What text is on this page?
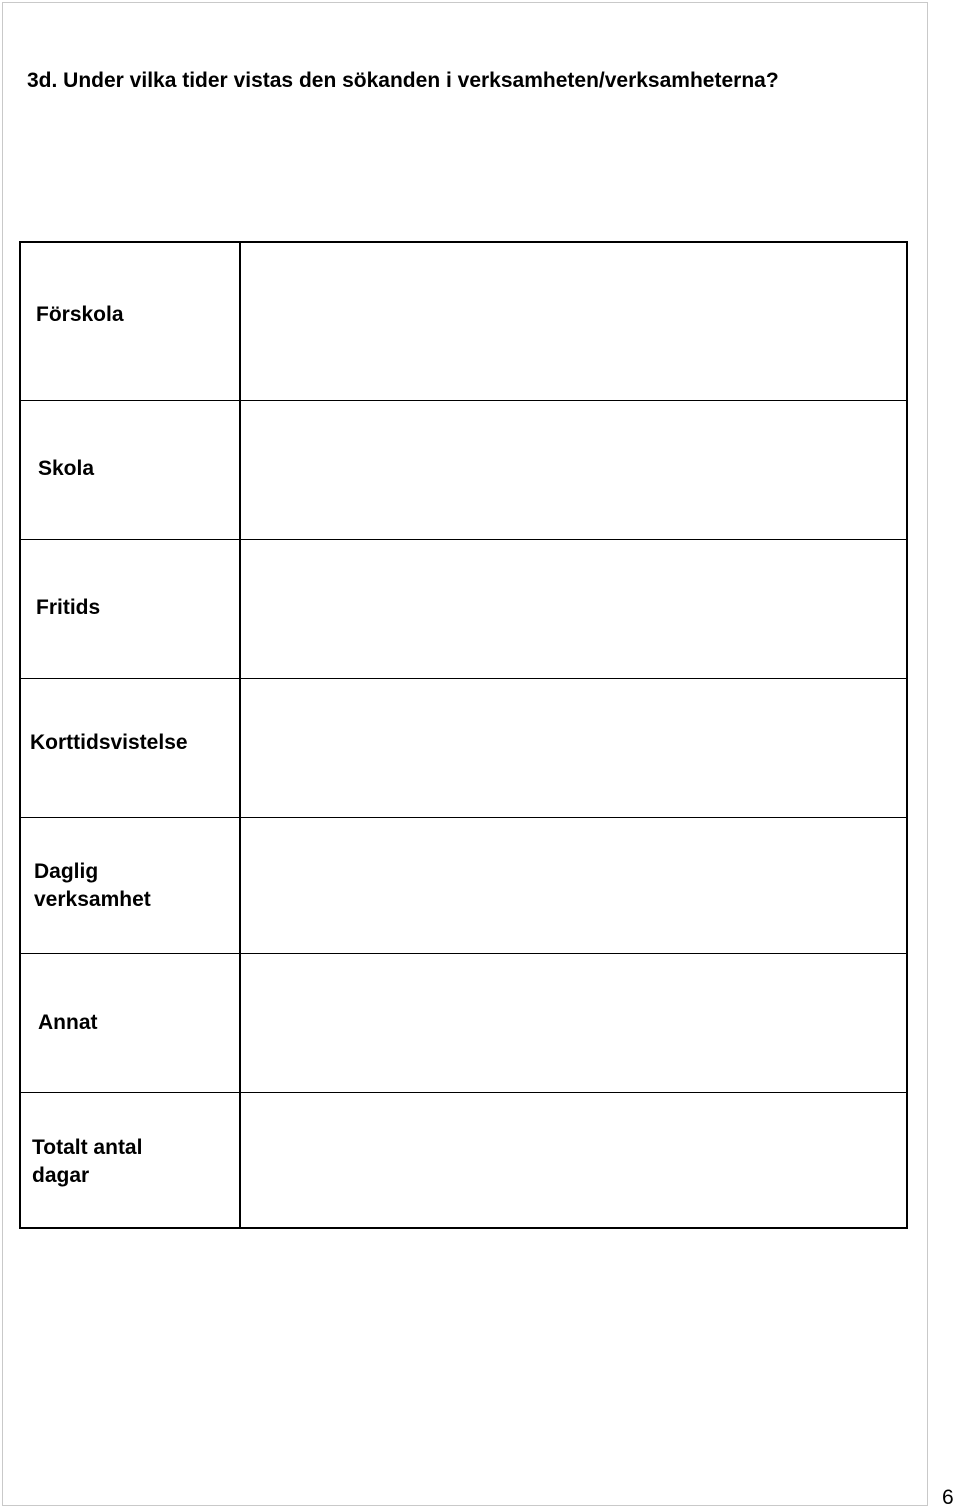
3d. Under vilka tider vistas den sökanden i verksamheten/verksamheterna?
Förskola
Skola
Fritids
Korttidsvistelse
Daglig
verksamhet
Annat
Totalt antal
dagar
6
